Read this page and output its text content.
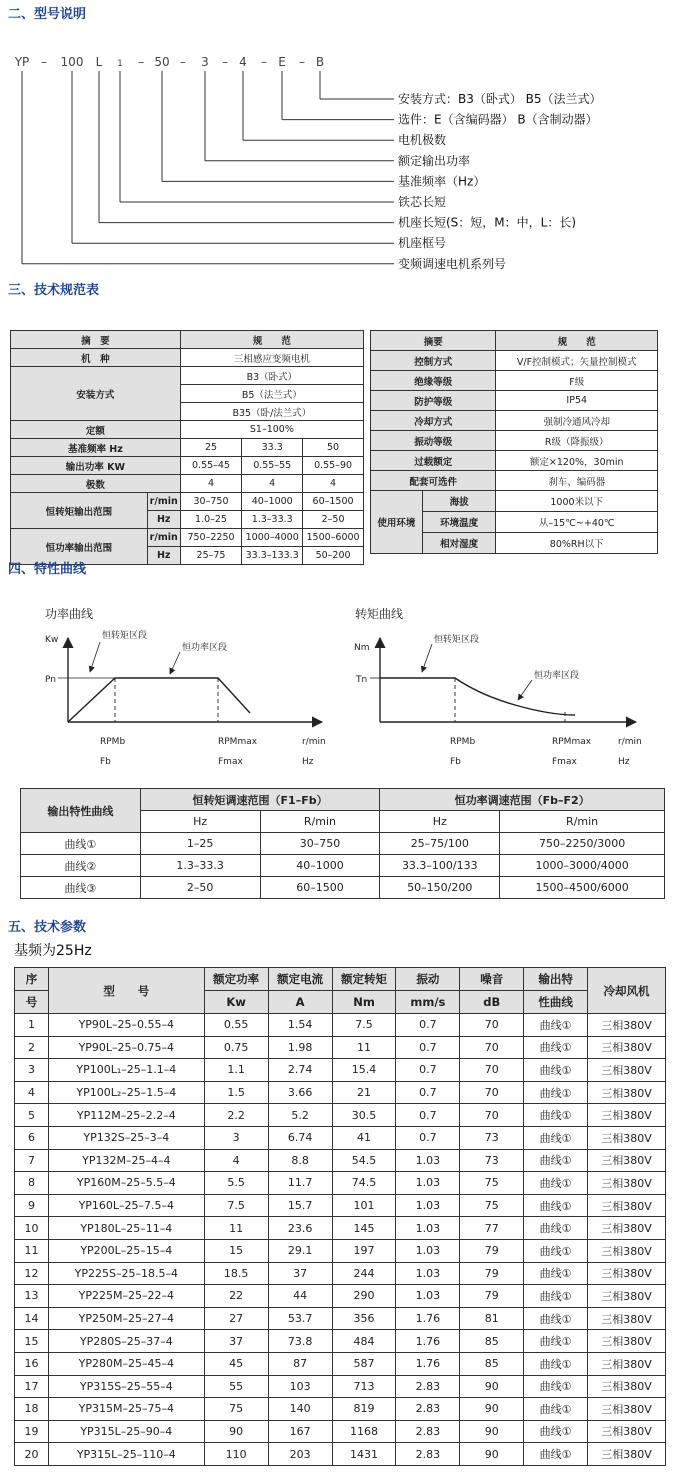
二、型号说明
YP – 100 L 1 – 50 – 3 – 4 – E – B
安装方式：B3（卧式） B5（法兰式）
选件：E（含编码器） B（含制动器）
电机极数
额定输出功率
基准频率（Hz）
铁芯长短
机座长短(S：短，M：中，L：长)
机座框号
变频调速电机系列号
三、技术规范表
摘　要		规　　范		
机　种		三相感应变频电机		
安装方式		B3（卧式）		
		B5（法兰式）		
		B35（卧/法兰式）		
定额		S1–100%		
基准频率 Hz		25	33.3	50
输出功率 KW		0.55–45	0.55–55	0.55–90
极数		4	4	4
恒转矩输出范围	r/min	30–750	40–1000	60–1500
	Hz	1.0–25	1.3–33.3	2–50
恒功率输出范围	r/min	750–2250	1000–4000	1500–6000
	Hz	25–75	33.3–133.3	50–200
摘要		规　　范
控制方式		V/F控制模式；矢量控制模式
绝缘等级		F级
防护等级		IP54
冷却方式		强制冷通风冷却
振动等级		R级（降振级）
过载额定		额定×120%，30min
配套可选件		刹车、编码器
使用环境	海拔	1000米以下
	环境温度	从–15℃~+40℃
	相对湿度	80%RH以下
四、特性曲线
功率曲线
Kw
Pn
恒转矩区段
恒功率区段
RPMb
Fb
RPMmax
Fmax
r/min
Hz
转矩曲线
Nm
Tn
恒转矩区段
恒功率区段
RPMb
Fb
RPMmax
Fmax
r/min
Hz
输出特性曲线	恒转矩调速范围（F1–Fb）		恒功率调速范围（Fb–F2）	
	Hz	R/min	Hz	R/min
曲线①	1–25	30–750	25–75/100	750–2250/3000
曲线②	1.3–33.3	40–1000	33.3–100/133	1000–3000/4000
曲线③	2–50	60–1500	50–150/200	1500–4500/6000
五、技术参数
基频为25Hz
序	型　　号	额定功率	额定电流	额定转矩	振动	噪音	输出特	冷却风机
号		Kw	A	Nm	mm/s	dB	性曲线	
1	YP90L–25–0.55–4	0.55	1.54	7.5	0.7	70	曲线①	三相380V
2	YP90L–25–0.75–4	0.75	1.98	11	0.7	70	曲线①	三相380V
3	YP100L₁–25–1.1–4	1.1	2.74	15.4	0.7	70	曲线①	三相380V
4	YP100L₂–25–1.5–4	1.5	3.66	21	0.7	70	曲线①	三相380V
5	YP112M–25–2.2–4	2.2	5.2	30.5	0.7	70	曲线①	三相380V
6	YP132S–25–3–4	3	6.74	41	0.7	73	曲线①	三相380V
7	YP132M–25–4–4	4	8.8	54.5	1.03	73	曲线①	三相380V
8	YP160M–25–5.5–4	5.5	11.7	74.5	1.03	75	曲线①	三相380V
9	YP160L–25–7.5–4	7.5	15.7	101	1.03	75	曲线①	三相380V
10	YP180L–25–11–4	11	23.6	145	1.03	77	曲线①	三相380V
11	YP200L–25–15–4	15	29.1	197	1.03	79	曲线①	三相380V
12	YP225S–25–18.5–4	18.5	37	244	1.03	79	曲线①	三相380V
13	YP225M–25–22–4	22	44	290	1.03	79	曲线①	三相380V
14	YP250M–25–27–4	27	53.7	356	1.76	81	曲线①	三相380V
15	YP280S–25–37–4	37	73.8	484	1.76	85	曲线①	三相380V
16	YP280M–25–45–4	45	87	587	1.76	85	曲线①	三相380V
17	YP315S–25–55–4	55	103	713	2.83	90	曲线①	三相380V
18	YP315M–25–75–4	75	140	819	2.83	90	曲线①	三相380V
19	YP315L–25–90–4	90	167	1168	2.83	90	曲线①	三相380V
20	YP315L–25–110–4	110	203	1431	2.83	90	曲线①	三相380V
